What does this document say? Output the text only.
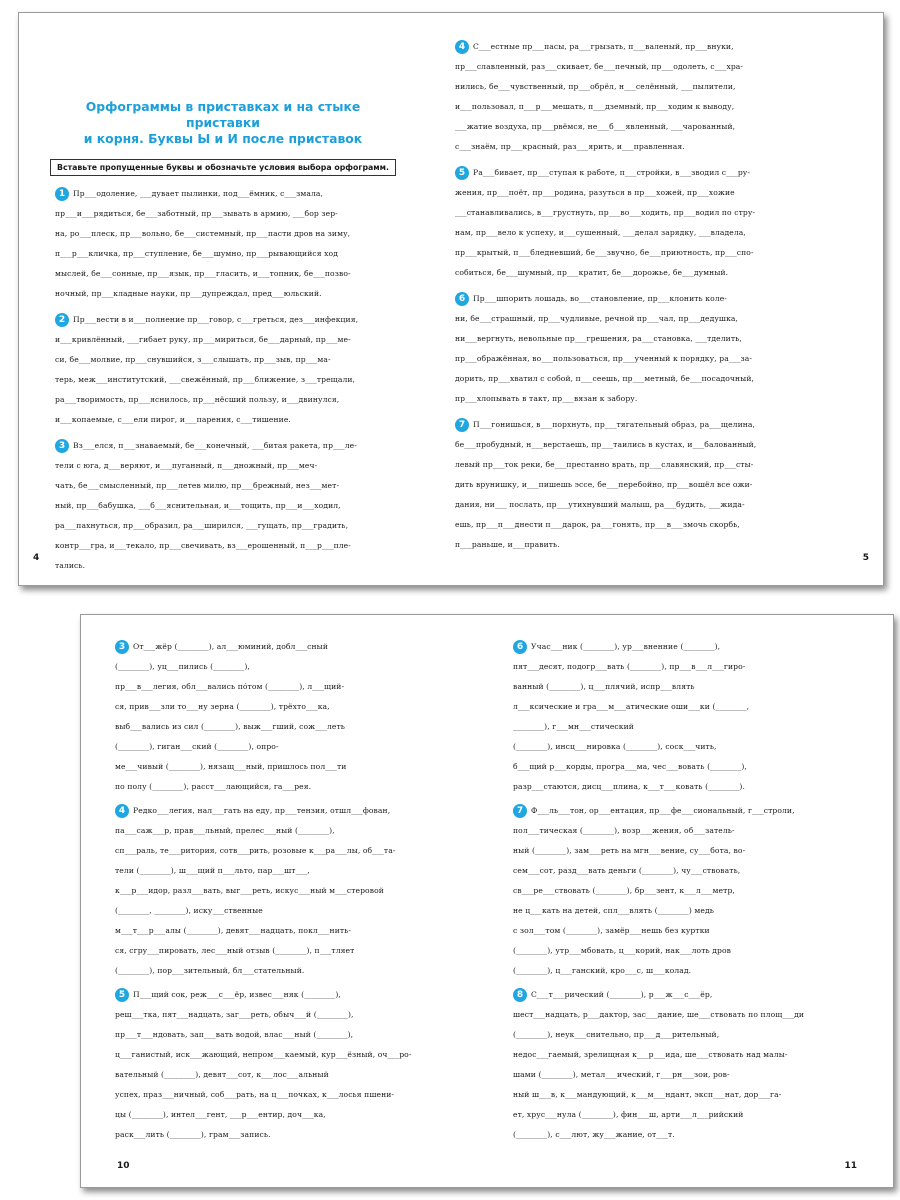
Орфограммы в приставках и на стыке приставки
и корня. Буквы Ы и И после приставок
Вставьте пропущенные буквы и обозначьте условия выбора орфограмм.
1 Пр___одоление, ___дувает пылинки, под___ёмник, с___змала,
пр___и___рядиться, бе___заботный, пр___зывать в армию, ___бор зер-
на, ро___плеск, пр___вольно, бе___системный, пр___пасти дров на зиму,
п___р___кличка, пр___ступление, бе___шумно, пр___рывающийся ход
мыслей, бе___сонные, пр___язык, пр___гласить, и___топник, бе___позво-
ночный, пр___кладные науки, пр___дупреждал, пред___юльский.
2 Пр___вести в и___полнение пр___говор, с___греться, дез___инфекция,
и___кривлённый, ___гибает руку, пр___мириться, бе___дарный, пр___ме-
си, бе___молвие, пр___снувшийся, з___слышать, пр___зыв, пр___ма-
терь, меж___институтский, ___свежённый, пр___ближение, з___трещали,
ра___творимость, пр___яснилось, пр___нёсший пользу, и___двинулся,
и___копаемые, с___ели пирог, и___парения, с___тишение.
3 Вз___елся, п___знаваемый, бе___конечный, ___битая ракета, пр___ле-
тели с юга, д___веряют, и___пуганный, п___дножный, пр___меч-
чать, бе___смысленный, пр___летев милю, пр___брежный, нез___мет-
ный, пр___бабушка, ___б___яснительная, и___тощить, пр___и___ходил,
ра___пахнуться, пр___образил, ра___ширился, ___гущать, пр___градить,
контр___гра, и___текало, пр___свечивать, вз___ерошенный, п___р___пле-
тались.
4
4 С___естные пр___пасы, ра___грызать, п___валеный, пр___внуки,
пр___славленный, раз___скивает, бе___печный, пр___одолеть, с___хра-
нились, бе___чувственный, пр___обрёл, н___селённый, ___пылители,
и___пользовал, п___р___мешать, п___дземный, пр___ходим к выводу,
___жатие воздуха, пр___рвёмся, не___б___явленный, ___чарованный,
с___знаём, пр___красный, раз___ярить, и___правленная.
5 Ра___бивает, пр___ступая к работе, п___стройки, в___зводил с___ру-
жения, пр___поёт, пр___родина, разуться в пр___хожей, пр___хожие
___станавливались, в___грустнуть, пр___во___ходить, пр___водил по стру-
нам, пр___вело к успеху, и___сушенный, ___делал зарядку, ___владела,
пр___крытый, п___бледневший, бе___звучно, бе___приютность, пр___спо-
собиться, бе___шумный, пр___кратит, бе___дорожье, бе___думный.
6 Пр___шпорить лошадь, во___становление, пр___клонить коле-
ни, бе___страшный, пр___чудливые, речной пр___чал, пр___дедушка,
ни___вергнуть, невольные пр___грешения, ра___становка, ___тделить,
пр___ображённая, во___пользоваться, пр___ученный к порядку, ра___за-
дорить, пр___хватил с собой, п___сеешь, пр___метный, бе___посадочный,
пр___хлопывать в такт, пр___вязан к забору.
7 П___гонишься, в___порхнуть, пр___тягательный образ, ра___щелина,
бе___пробудный, н___верстаешь, пр___таились в кустах, и___балованный,
левый пр___ток реки, бе___престанно врать, пр___славянский, пр___сты-
дить врунишку, и___пишешь эссе, бе___перебойно, пр___вошёл все ожи-
дания, ни___ послать, пр___утихнувший малыш, ра___будить, ___жида-
ешь, пр___п___днести п___дарок, ра___гонять, пр___в___змочь скорбь,
п___раньше, и___править.
5
3 От___жёр (________), ал___юминий, добл___сный
(________), уц___пились (________),
пр___в___легия, обл___вались пóтом (________), л___щий-
ся, прив___зли то___ну зерна (________), трёхто___ка,
выб___вались из сил (________), выж___гший, сож___леть
(________), гиган___ский (________), опро-
ме___чивый (________), нязащ___ный, пришлось пол___ти
по полу (________), расст___лающийся, га___рея.
4 Редко___легия, нал___гать на еду, пр___тензия, отшл___фован,
па___саж___р, прав___льный, прелес___ный (________),
сп___раль, те___ритория, сотв___рить, розовые к___ра___лы, об___та-
тели (________), ш___щий п___льто, пар___шт___,
к___р___идор, разл___вать, выг___реть, искус___ный м___стеровой
(________, ________), иску___ственные
м___т___р___алы (________), девят___надцать, покл___нить-
ся, сгру___пировать, лес___ный отзыв (________), п___тляет
(________), пор___зительный, бл___стательный.
5 П___щий сок, реж___с___ёр, извес___няк (________),
реш___тка, пят___надцать, заг___реть, обыч___й (________),
пр___т___ндовать, зап___вать водой, влас___ный (________),
ц___ганистый, иск___жающий, непром___каемый, кур___ёзный, оч___ро-
вательный (________), девят___сот, к___лос___альный
успех, праз___ничный, соб___рать, на ц___почках, к___лосья пшени-
цы (________), интел___гент, ___р___ентир, доч___ка,
раск___лить (________), грам___запись.
10
6 Учас___ник (________), ур___вненние (________),
пят___десят, подогр___вать (________), пр___в___л___гиро-
ванный (________), ц___плячий, испр___влять
л___ксические и гра___м___атические оши___ки (________,
________), г___мн___стический
(________), инсц___нировка (________), соск___чить,
б___щий р___корды, програ___ма, чес___вовать (________),
разр___стаются, дисц___плина, к___т___ковать (________).
7 Ф___ль___тон, ор___ентация, пр___фе___сиональный, г___строли,
пол___тическая (________), возр___жения, об___затель-
ный (________), зам___реть на мгн___вение, су___бота, во-
сем___сот, разд___вать деньги (________), чу___ствовать,
св___ре___ствовать (________), бр___зент, к___л___метр,
не ц___кать на детей, спл___влять (________) медь
с зол___том (________), замёр___нешь без куртки
(________), утр___мбовать, ц___корий, нак___лоть дров
(________), ц___ганский, кро___с, ш___колад.
8 С___т___рический (________), р___ж___с___ёр,
шест___надцать, р___дактор, зас___дание, ше___ствовать по площ___ди
(________), неук___снительно, пр___д___рительный,
недос___гаемый, зрелищная к___р___ида, ше___ствовать над малы-
шами (________), метал___ический, г___рн___зои, ров-
ный ш___в, к___мандующий, к___м___ндант, эксп___нат, дор___га-
ет, хрус___нула (________), фин___ш, арти___л___рийский
(________), с___лют, жу___жание, от___т.
11
